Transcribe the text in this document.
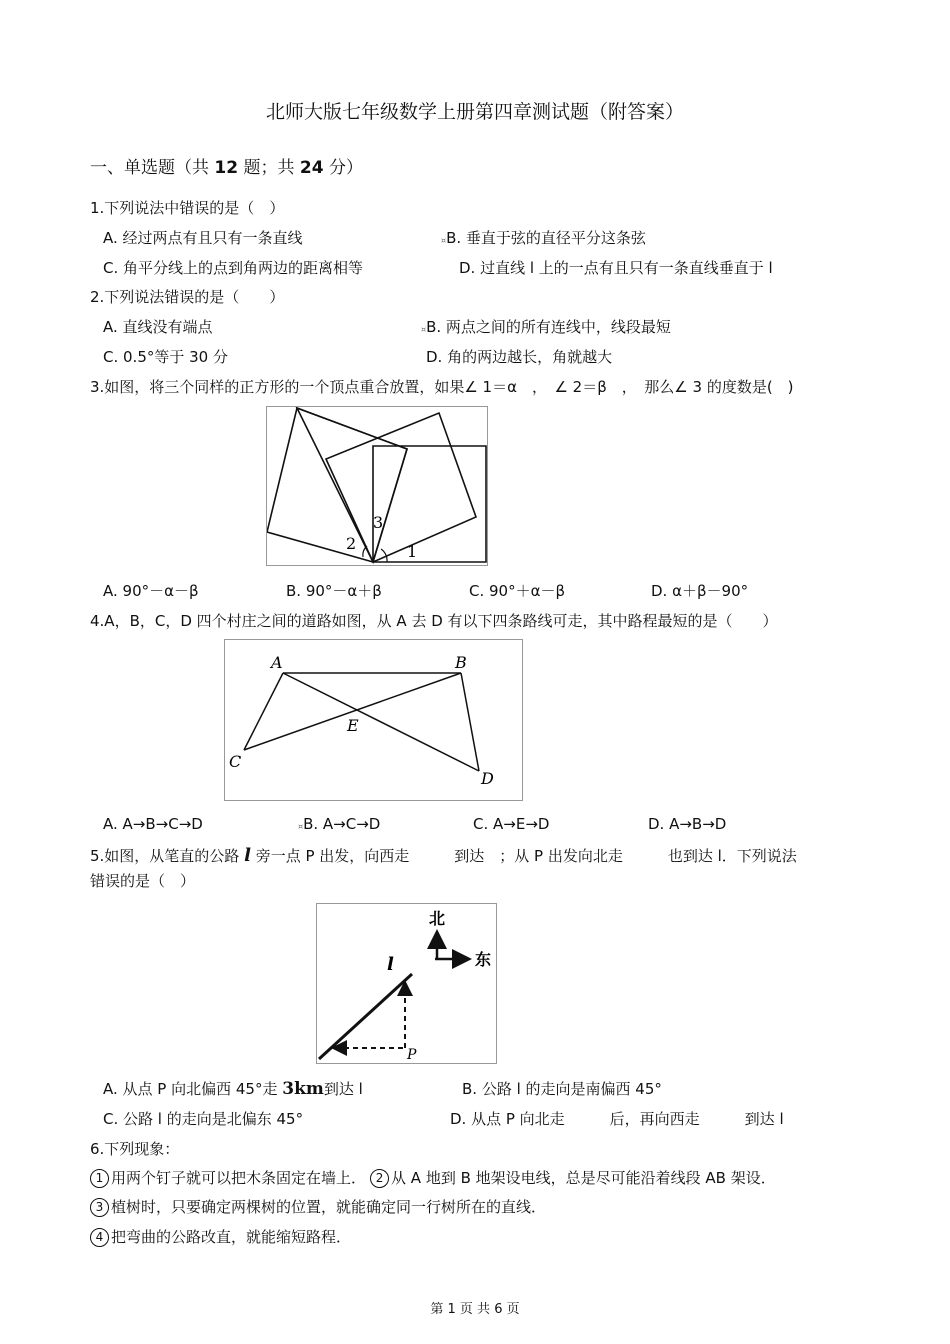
北师大版七年级数学上册第四章测试题（附答案）
一、单选题（共 12 题；共 24 分）
1.下列说法中错误的是（　）
A. 经过两点有且只有一条直线	¤B. 垂直于弦的直径平分这条弦
C. 角平分线上的点到角两边的距离相等	D. 过直线 l 上的一点有且只有一条直线垂直于 l
2.下列说法错误的是（　　）
A. 直线没有端点	¤B. 两点之间的所有连线中，线段最短
C. 0.5°等于 30 分	D. 角的两边越长，角就越大
3.如图，将三个同样的正方形的一个顶点重合放置，如果∠ 1＝α　，　∠ 2＝β　，　那么∠ 3 的度数是(　)
2
3
1
A. 90°－α－β	B. 90°－α＋β	C. 90°＋α－β	D. α＋β－90°
4.A，B，C，D 四个村庄之间的道路如图，从 A 去 D 有以下四条路线可走，其中路程最短的是（　　）
A	B
C
D
E
A. A→B→C→D	¤B. A→C→D	C. A→E→D	D. A→B→D
5.如图，从笔直的公路 l 旁一点 P 出发，向西走　　　到达　；从 P 出发向北走　　　也到达 l．下列说法
错误的是（　）
北
东
l
P
A. 从点 P 向北偏西 45°走 3km到达 l	B. 公路 l 的走向是南偏西 45°
C. 公路 l 的走向是北偏东 45°	D. 从点 P 向北走　　　后，再向西走　　　到达 l
6.下列现象：
1 用两个钉子就可以把木条固定在墙上． 2 从 A 地到 B 地架设电线，总是尽可能沿着线段 AB 架设．
3 植树时，只要确定两棵树的位置，就能确定同一行树所在的直线．
4 把弯曲的公路改直，就能缩短路程．
第 1 页 共 6 页
